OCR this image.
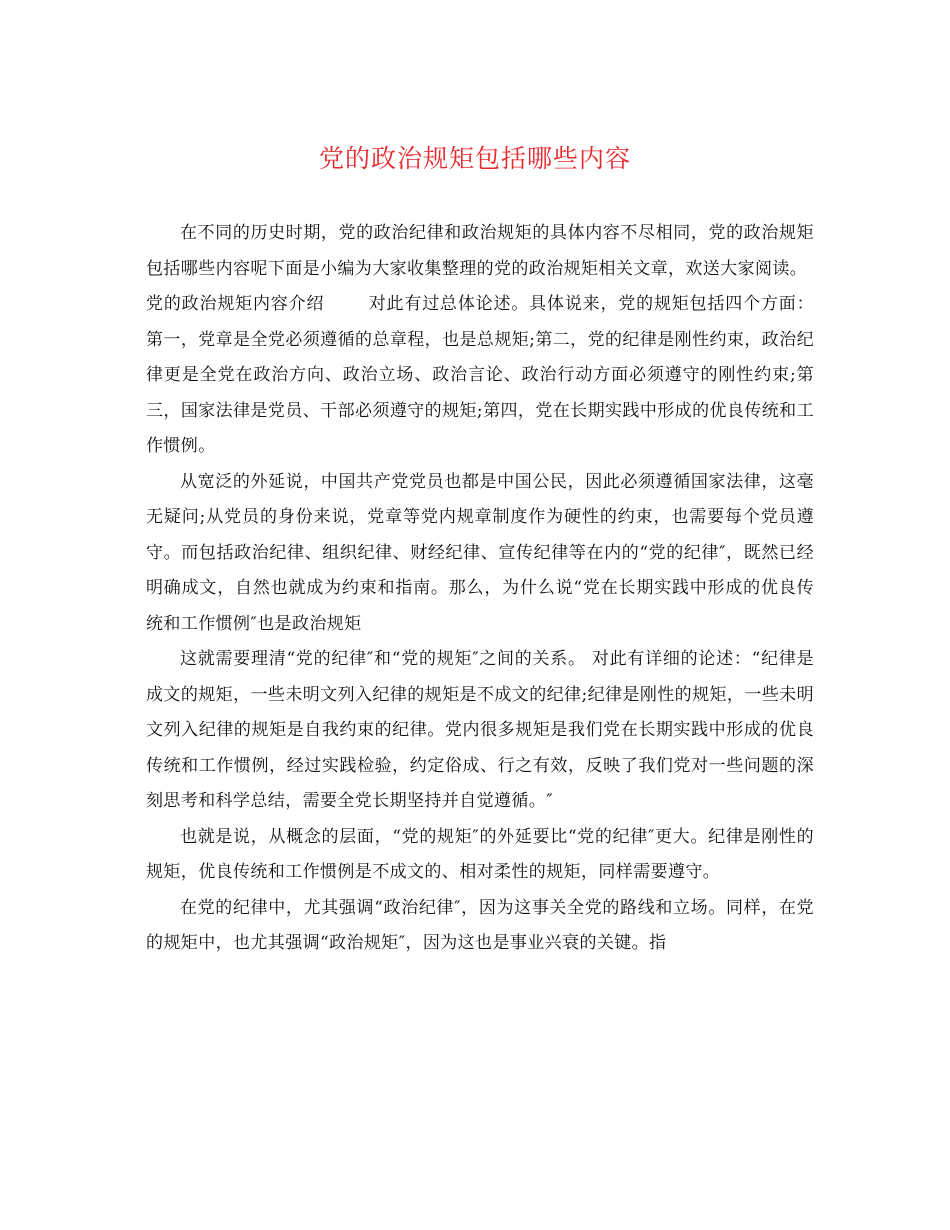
党的政治规矩包括哪些内容

在不同的历史时期，党的政治纪律和政治规矩的具体内容不尽相同，党的政治规矩包括哪些内容呢下面是小编为大家收集整理的党的政治规矩相关文章，欢送大家阅读。

党的政治规矩内容介绍	对此有过总体论述。具体说来，党的规矩包括四个方面：第一，党章是全党必须遵循的总章程，也是总规矩;第二，党的纪律是刚性约束，政治纪律更是全党在政治方向、政治立场、政治言论、政治行动方面必须遵守的刚性约束;第三，国家法律是党员、干部必须遵守的规矩;第四，党在长期实践中形成的优良传统和工作惯例。

从宽泛的外延说，中国共产党党员也都是中国公民，因此必须遵循国家法律，这毫无疑问;从党员的身份来说，党章等党内规章制度作为硬性的约束，也需要每个党员遵守。而包括政治纪律、组织纪律、财经纪律、宣传纪律等在内的“党的纪律″，既然已经明确成文，自然也就成为约束和指南。那么，为什么说“党在长期实践中形成的优良传统和工作惯例″也是政治规矩

这就需要理清“党的纪律″和“党的规矩″之间的关系。 对此有详细的论述：“纪律是成文的规矩，一些未明文列入纪律的规矩是不成文的纪律;纪律是刚性的规矩，一些未明文列入纪律的规矩是自我约束的纪律。党内很多规矩是我们党在长期实践中形成的优良传统和工作惯例，经过实践检验，约定俗成、行之有效，反映了我们党对一些问题的深刻思考和科学总结，需要全党长期坚持并自觉遵循。″

也就是说，从概念的层面，“党的规矩″的外延要比“党的纪律″更大。纪律是刚性的规矩，优良传统和工作惯例是不成文的、相对柔性的规矩，同样需要遵守。

在党的纪律中，尤其强调“政治纪律″，因为这事关全党的路线和立场。同样，在党的规矩中，也尤其强调“政治规矩″，因为这也是事业兴衰的关键。指
